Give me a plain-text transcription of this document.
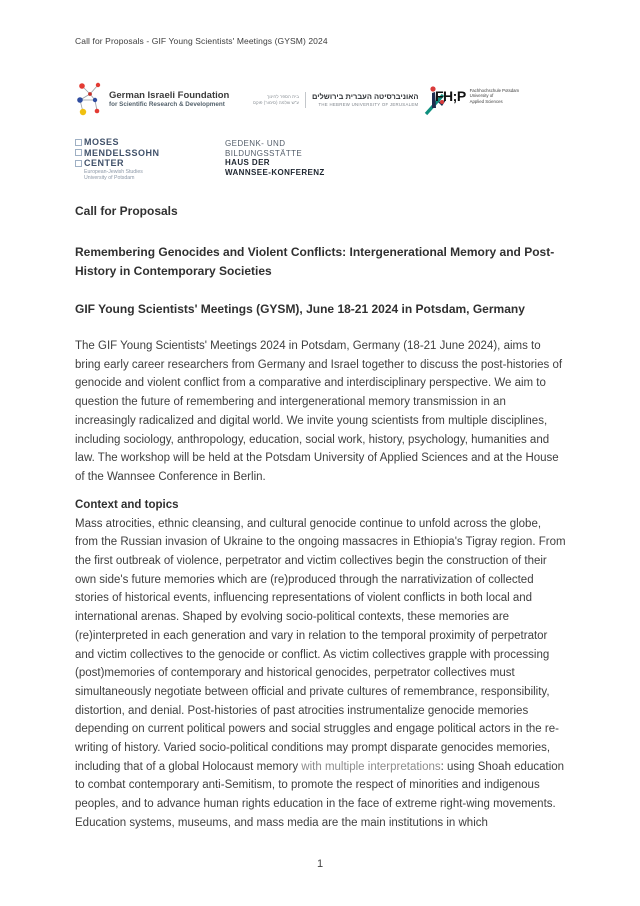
Call for Proposals - GIF Young Scientists' Meetings (GYSM) 2024
German Israeli Foundation
for Scientific Research & Development
בית הספר לחינוך
ע"ש שלמה (סימור) פוקס
האוניברסיטה העברית בירושלים
THE HEBREW UNIVERSITY OF JERUSALEM
FH;P Fachhochschule Potsdam
University of
Applied Sciences
MOSES
MENDELSSOHN
CENTER
European-Jewish Studies
University of Potsdam
GEDENK- UND
BILDUNGSSTÄTTE
HAUS DER
WANNSEE-KONFERENZ
Call for Proposals
Remembering Genocides and Violent Conflicts: Intergenerational Memory and Post-History in Contemporary Societies
GIF Young Scientists' Meetings (GYSM), June 18-21 2024 in Potsdam, Germany

The GIF Young Scientists' Meetings 2024 in Potsdam, Germany (18-21 June 2024), aims to bring early career researchers from Germany and Israel together to discuss the post-histories of genocide and violent conflict from a comparative and interdisciplinary perspective. We aim to question the future of remembering and intergenerational memory transmission in an increasingly radicalized and digital world. We invite young scientists from multiple disciplines, including sociology, anthropology, education, social work, history, psychology, humanities and law. The workshop will be held at the Potsdam University of Applied Sciences and at the House of the Wannsee Conference in Berlin.

Context and topics

Mass atrocities, ethnic cleansing, and cultural genocide continue to unfold across the globe, from the Russian invasion of Ukraine to the ongoing massacres in Ethiopia's Tigray region. From the first outbreak of violence, perpetrator and victim collectives begin the construction of their own side's future memories which are (re)produced through the narrativization of collected stories of historical events, influencing representations of violent conflicts in both local and international arenas. Shaped by evolving socio-political contexts, these memories are (re)interpreted in each generation and vary in relation to the temporal proximity of perpetrator and victim collectives to the genocide or conflict. As victim collectives grapple with processing (post)memories of contemporary and historical genocides, perpetrator collectives must simultaneously negotiate between official and private cultures of remembrance, responsibility, distortion, and denial. Post-histories of past atrocities instrumentalize genocide memories depending on current political powers and social struggles and engage political actors in the re-writing of history. Varied socio-political conditions may prompt disparate genocides memories, including that of a global Holocaust memory with multiple interpretations: using Shoah education to combat contemporary anti-Semitism, to promote the respect of minorities and indigenous peoples, and to advance human rights education in the face of extreme right-wing movements. Education systems, museums, and mass media are the main institutions in which

1
